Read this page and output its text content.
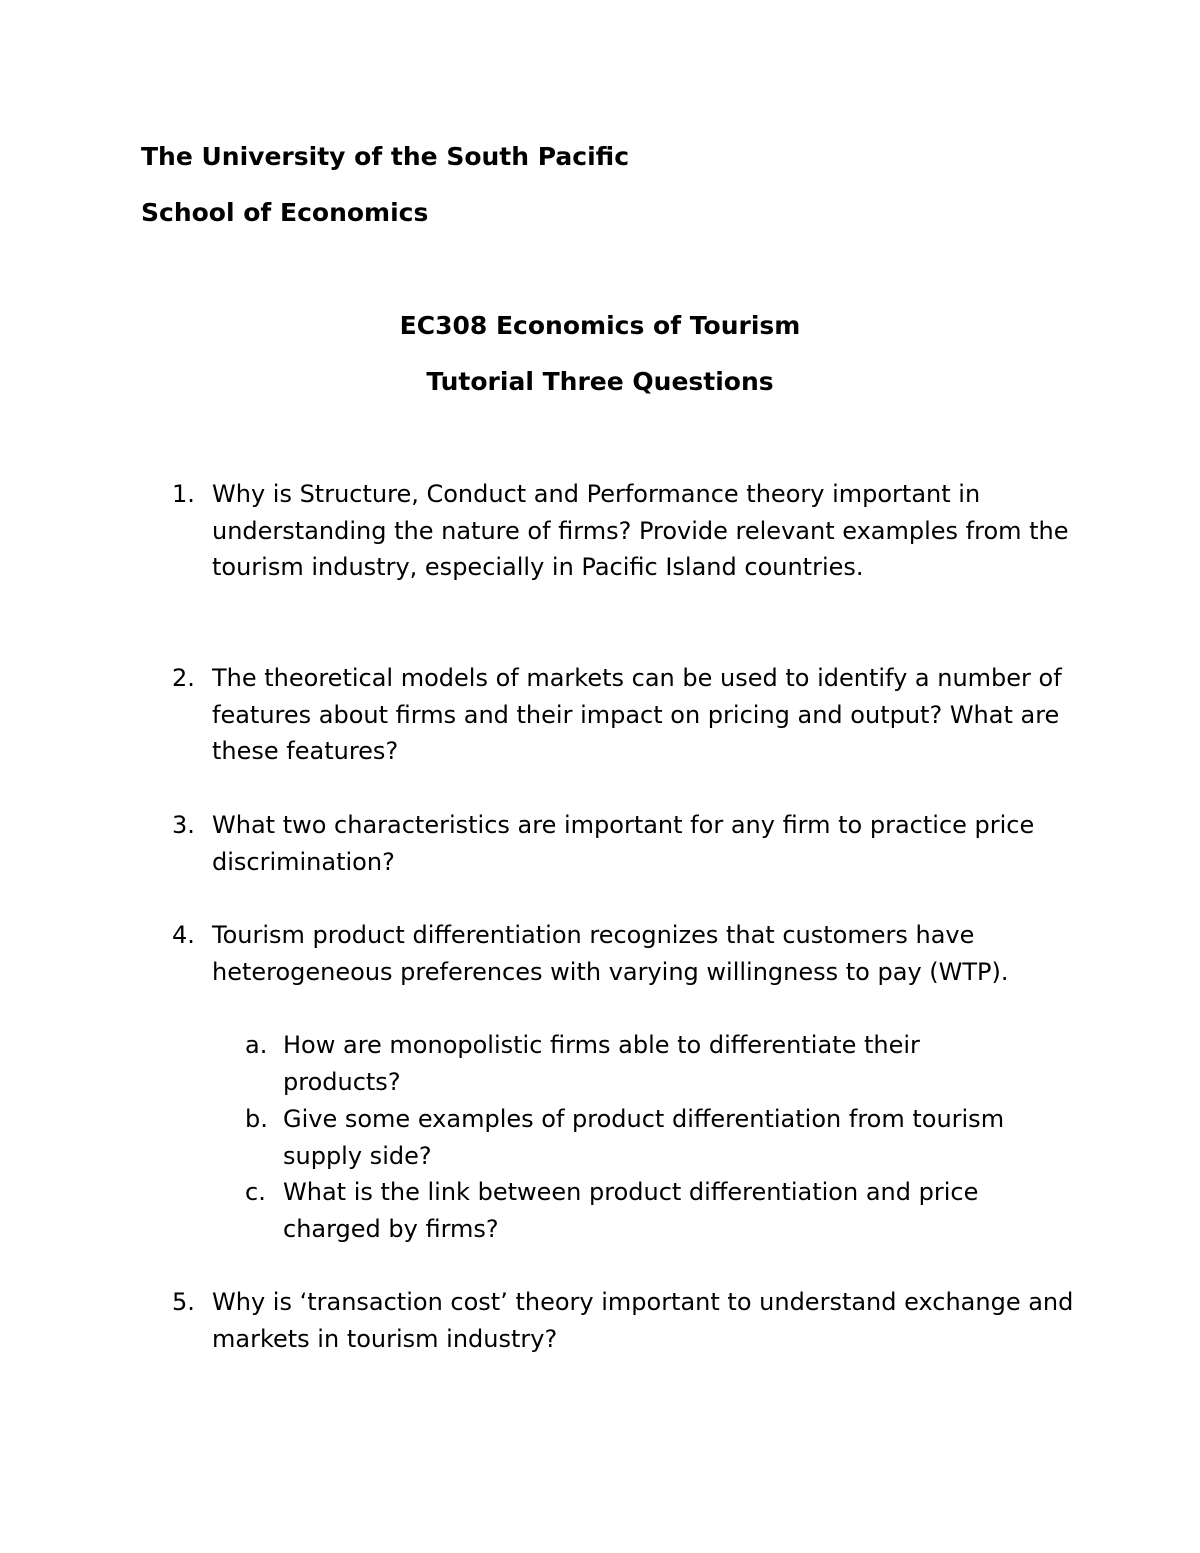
The University of the South Pacific
School of Economics
EC308 Economics of Tourism
Tutorial Three Questions
1. Why is Structure, Conduct and Performance theory important in understanding the nature of firms? Provide relevant examples from the tourism industry, especially in Pacific Island countries.
2. The theoretical models of markets can be used to identify a number of features about firms and their impact on pricing and output? What are these features?
3. What two characteristics are important for any firm to practice price discrimination?
4. Tourism product differentiation recognizes that customers have heterogeneous preferences with varying willingness to pay (WTP).
a. How are monopolistic firms able to differentiate their products?
b. Give some examples of product differentiation from tourism supply side?
c. What is the link between product differentiation and price charged by firms?
5. Why is ‘transaction cost’ theory important to understand exchange and markets in tourism industry?
